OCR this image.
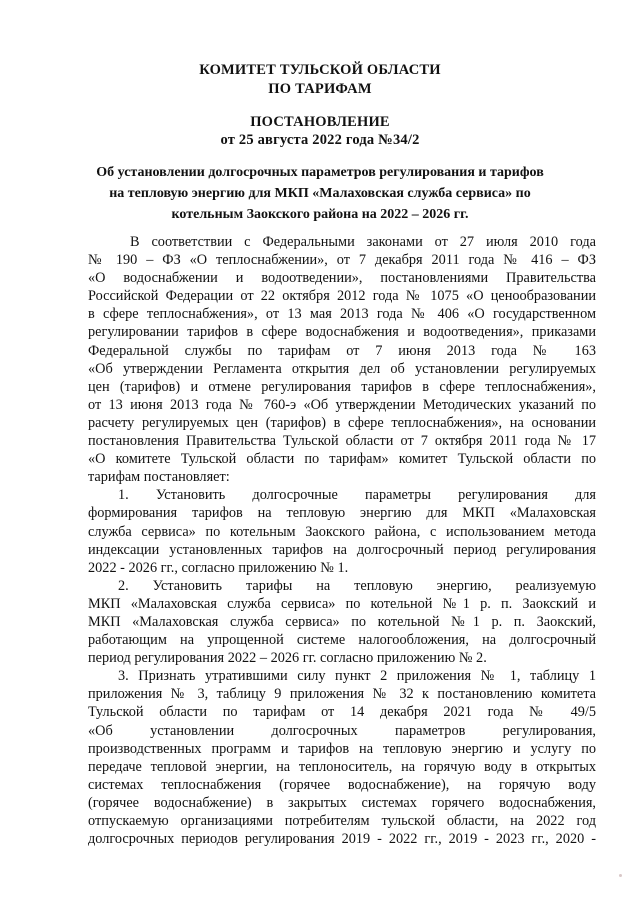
КОМИТЕТ ТУЛЬСКОЙ ОБЛАСТИ
ПО ТАРИФАМ
ПОСТАНОВЛЕНИЕ
от 25 августа 2022 года №34/2
Об установлении долгосрочных параметров регулирования и тарифов
на тепловую энергию для МКП «Малаховская служба сервиса» по
котельным Заокского района на 2022 – 2026 гг.
В соответствии с Федеральными законами от 27 июля 2010 года
№ 190 – ФЗ «О теплоснабжении», от 7 декабря 2011 года № 416 – ФЗ
«О водоснабжении и водоотведении», постановлениями Правительства
Российской Федерации от 22 октября 2012 года № 1075 «О ценообразовании
в сфере теплоснабжения», от 13 мая 2013 года № 406 «О государственном
регулировании тарифов в сфере водоснабжения и водоотведения», приказами
Федеральной службы по тарифам от 7 июня 2013 года № 163
«Об утверждении Регламента открытия дел об установлении регулируемых
цен (тарифов) и отмене регулирования тарифов в сфере теплоснабжения»,
от 13 июня 2013 года № 760-э «Об утверждении Методических указаний по
расчету регулируемых цен (тарифов) в сфере теплоснабжения», на основании
постановления Правительства Тульской области от 7 октября 2011 года № 17
«О комитете Тульской области по тарифам» комитет Тульской области по
тарифам постановляет:
1. Установить долгосрочные параметры регулирования для
формирования тарифов на тепловую энергию для МКП «Малаховская
служба сервиса» по котельным Заокского района, с использованием метода
индексации установленных тарифов на долгосрочный период регулирования
2022 - 2026 гг., согласно приложению № 1.
2. Установить тарифы на тепловую энергию, реализуемую
МКП «Малаховская служба сервиса» по котельной №1 р. п. Заокский и
МКП «Малаховская служба сервиса» по котельной №1 р. п. Заокский,
работающим на упрощенной системе налогообложения, на долгосрочный
период регулирования 2022 – 2026 гг. согласно приложению № 2.
3. Признать утратившими силу пункт 2 приложения № 1, таблицу 1
приложения № 3, таблицу 9 приложения № 32 к постановлению комитета
Тульской области по тарифам от 14 декабря 2021 года № 49/5
«Об установлении долгосрочных параметров регулирования,
производственных программ и тарифов на тепловую энергию и услугу по
передаче тепловой энергии, на теплоноситель, на горячую воду в открытых
системах теплоснабжения (горячее водоснабжение), на горячую воду
(горячее водоснабжение) в закрытых системах горячего водоснабжения,
отпускаемую организациями потребителям тульской области, на 2022 год
долгосрочных периодов регулирования 2019 - 2022 гг., 2019 - 2023 гг., 2020 -
